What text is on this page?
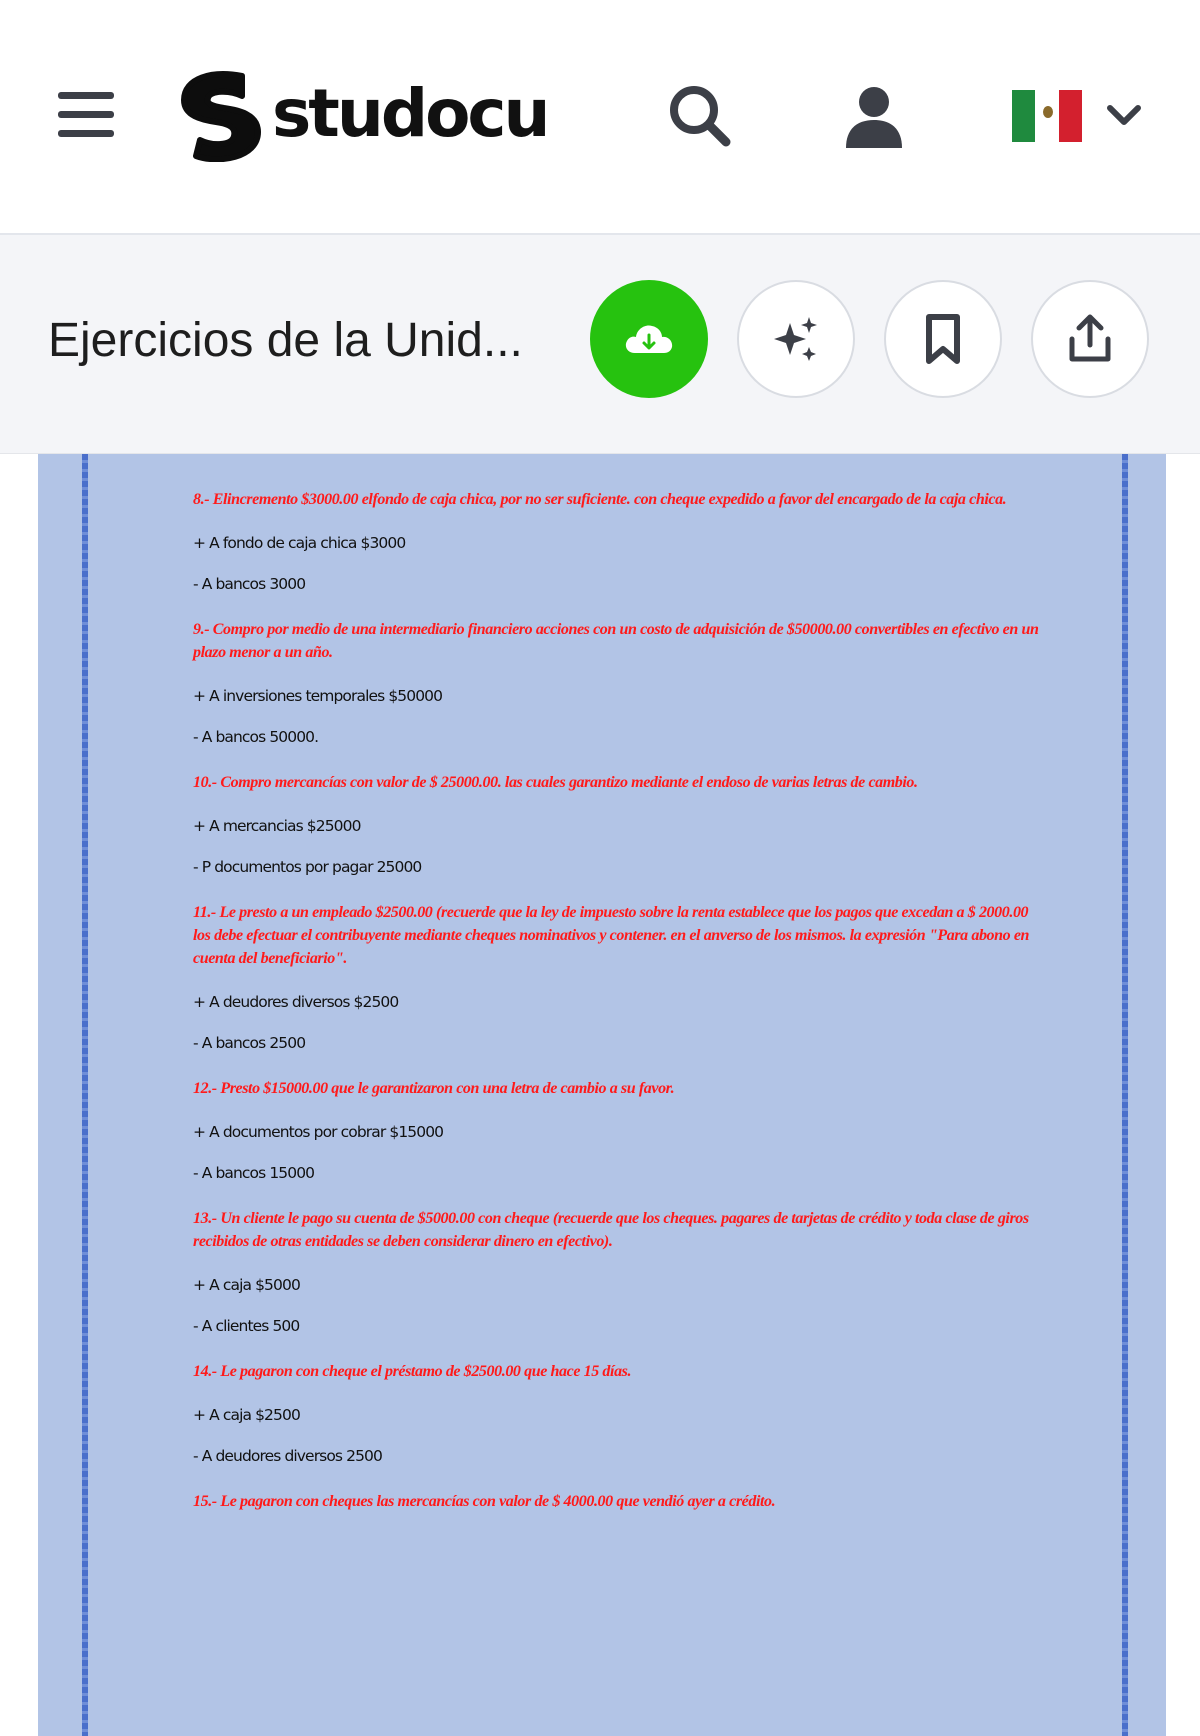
studocu
Ejercicios de la Unid...

8.- Elincremento $3000.00 elfondo de caja chica, por no ser suficiente. con cheque expedido a favor del encargado de la caja chica.

+ A fondo de caja chica $3000

- A bancos 3000

9.- Compro por medio de una intermediario financiero acciones con un costo de adquisición de $50000.00 convertibles en efectivo en un plazo menor a un año.

+ A inversiones temporales $50000

- A bancos 50000.

10.- Compro mercancías con valor de $ 25000.00. las cuales garantizo mediante el endoso de varias letras de cambio.

+ A mercancias $25000

- P documentos por pagar 25000

11.- Le presto a un empleado $2500.00 (recuerde que la ley de impuesto sobre la renta establece que los pagos que excedan a $ 2000.00 los debe efectuar el contribuyente mediante cheques nominativos y contener. en el anverso de los mismos. la expresión "Para abono en cuenta del beneficiario".

+ A deudores diversos $2500

- A bancos 2500

12.- Presto $15000.00 que le garantizaron con una letra de cambio a su favor.

+ A documentos por cobrar $15000

- A bancos 15000

13.- Un cliente le pago su cuenta de $5000.00 con cheque (recuerde que los cheques. pagares de tarjetas de crédito y toda clase de giros recibidos de otras entidades se deben considerar dinero en efectivo).

+ A caja $5000

- A clientes 500

14.- Le pagaron con cheque el préstamo de $2500.00 que hace 15 días.

+ A caja $2500

- A deudores diversos 2500

15.- Le pagaron con cheques las mercancías con valor de $ 4000.00 que vendió ayer a crédito.
